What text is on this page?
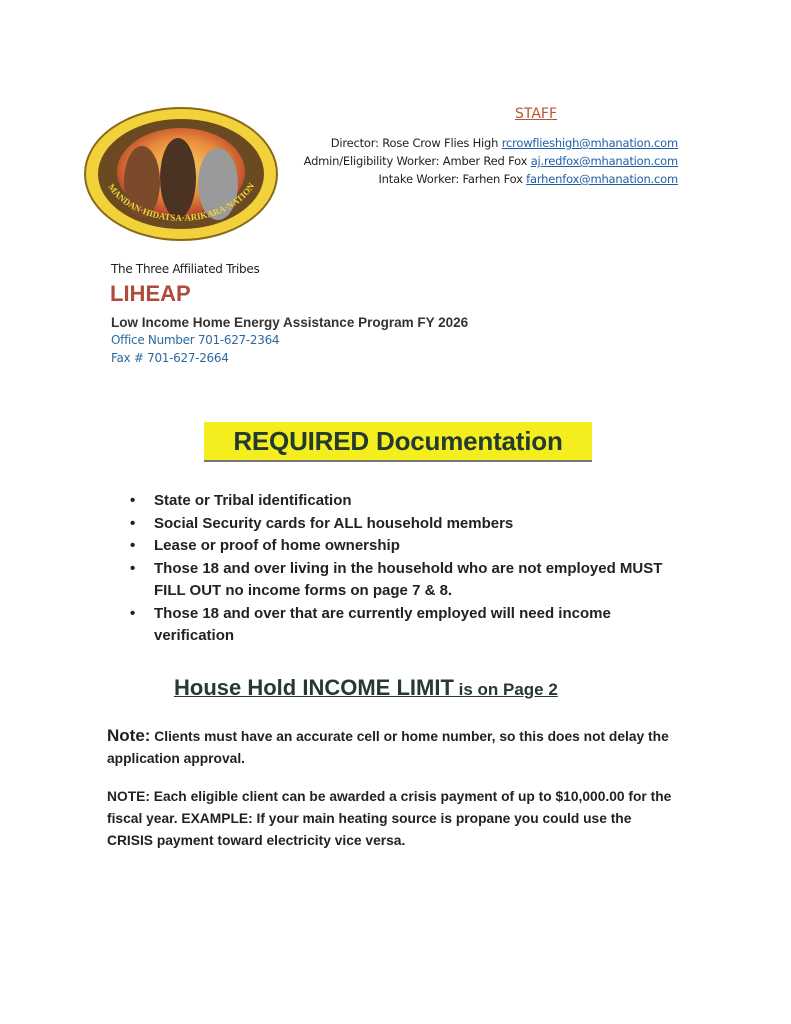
MANDAN·HIDATSA·ARIKARA·NATION
STAFF
Director: Rose Crow Flies High rcrowflieshigh@mhanation.com
Admin/Eligibility Worker: Amber Red Fox aj.redfox@mhanation.com
Intake Worker: Farhen Fox farhenfox@mhanation.com
The Three Affiliated Tribes
LIHEAP
Low Income Home Energy Assistance Program FY 2026
Office Number 701-627-2364
Fax # 701-627-2664
REQUIRED Documentation
• State or Tribal identification
• Social Security cards for ALL household members
• Lease or proof of home ownership
• Those 18 and over living in the household who are not employed MUST FILL OUT no income forms on page 7 & 8.
• Those 18 and over that are currently employed will need income verification
House Hold INCOME LIMIT is on Page 2
Note: Clients must have an accurate cell or home number, so this does not delay the application approval.
NOTE: Each eligible client can be awarded a crisis payment of up to $10,000.00 for the fiscal year. EXAMPLE: If your main heating source is propane you could use the CRISIS payment toward electricity vice versa.
